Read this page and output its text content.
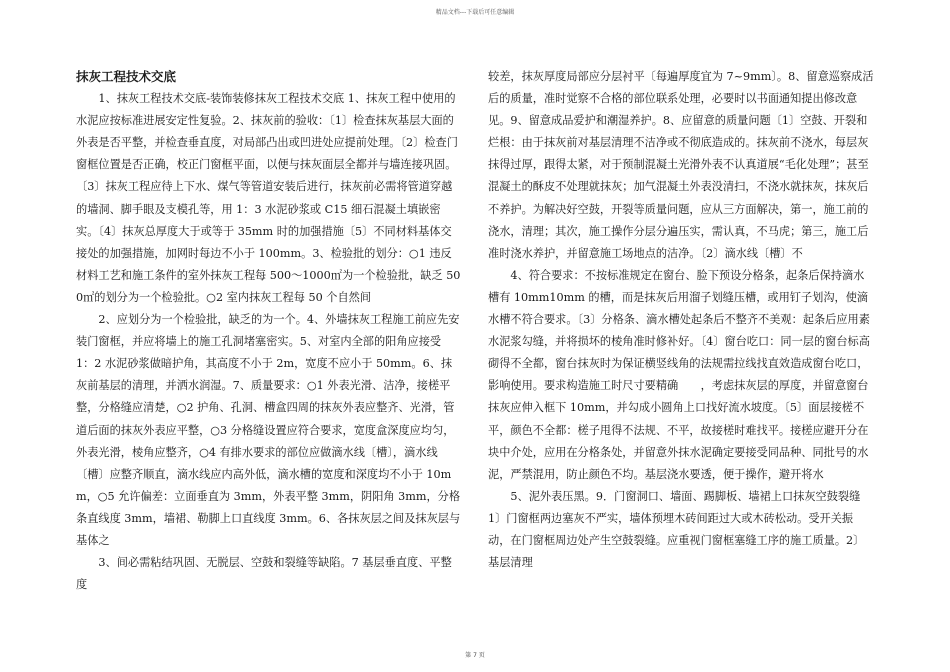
精品文档---下载后可任意编辑
抹灰工程技术交底

1、抹灰工程技术交底-装饰装修抹灰工程技术交底 1、抹灰工程中使用的水泥应按标准进展安定性复验。2、抹灰前的验收：〔1〕检查抹灰基层大面的外表是否平整，并检查垂直度，对局部凸出或凹进处应提前处理。〔2〕检查门窗框位置是否正确，校正门窗框平面，以便与抹灰面层全都并与墙连接巩固。

〔3〕抹灰工程应待上下水、煤气等管道安装后进行，抹灰前必需将管道穿越的墙洞、脚手眼及支模孔等，用 1：3 水泥砂浆或 C15 细石混凝土填嵌密实。〔4〕抹灰总厚度大于或等于 35mm 时的加强措施〔5〕不同材料基体交接处的加强措施，加网时每边不小于 100mm。3、检验批的划分：○1 违反材料工艺和施工条件的室外抹灰工程每 500～1000㎡为一个检验批，缺乏 500㎡的划分为一个检验批。○2 室内抹灰工程每 50 个自然间

2、应划分为一个检验批，缺乏的为一个。4、外墙抹灰工程施工前应先安装门窗框，并应将墙上的施工孔洞堵塞密实。5、对室内全部的阳角应接受 1：2 水泥砂浆做暗护角，其高度不小于 2m，宽度不应小于 50mm。6、抹灰前基层的清理，并洒水润湿。7、质量要求：○1 外表光滑、洁净，接槎平整，分格缝应清楚，○2 护角、孔洞、槽盒四周的抹灰外表应整齐、光滑，管道后面的抹灰外表应平整，○3 分格缝设置应符合要求，宽度盒深度应均匀，外表光滑，棱角应整齐，○4 有排水要求的部位应做滴水线〔槽〕，滴水线〔槽〕应整齐顺直，滴水线应内高外低，滴水槽的宽度和深度均不小于 10mm，○5 允许偏差：立面垂直为 3mm，外表平整 3mm，阴阳角 3mm，分格条直线度 3mm，墙裙、勒脚上口直线度 3mm。6、各抹灰层之间及抹灰层与基体之

3、间必需粘结巩固、无脱层、空鼓和裂缝等缺陷。7 基层垂直度、平整度

较差，抹灰厚度局部应分层衬平〔每遍厚度宜为 7~9mm〕。8、留意巡察成活后的质量，准时觉察不合格的部位联系处理，必要时以书面通知提出修改意见。9、留意成品爱护和潮湿养护。8、应留意的质量问题〔1〕空鼓、开裂和烂根：由于抹灰前对基层清理不洁净或不彻底造成的。抹灰前不浇水，每层灰抹得过厚，跟得太紧，对于预制混凝土光滑外表不认真道展“毛化处理”；甚至混凝土的酥皮不处理就抹灰；加气混凝土外表没清扫，不浇水就抹灰，抹灰后不养护。为解决好空鼓，开裂等质量问题，应从三方面解决，第一，施工前的浇水，清理；其次，施工操作分层分遍压实，需认真，不马虎；第三，施工后准时浇水养护，并留意施工场地点的洁净。〔2〕滴水线〔槽〕不

4、符合要求：不按标准规定在窗台、脸下预设分格条，起条后保持滴水槽有 10mm10mm 的槽，而是抹灰后用溜子划缝压槽，或用钉子划沟，使滴水槽不符合要求。〔3〕分格条、滴水槽处起条后不整齐不美观：起条后应用素水泥浆勾缝，并将损坏的棱角准时修补好。〔4〕窗台吃口：同一层的窗台标高砌得不全都，窗台抹灰时为保证横竖线角的法规需拉线找直效造成窗台吃口，影响使用。要求构造施工时尺寸要精确　　，考虑抹灰层的厚度，并留意窗台抹灰应伸入框下 10mm，并勾成小圆角上口找好流水坡度。〔5〕面层接槎不平，颜色不全都：槎子甩得不法规、不平，故接槎时难找平。接槎应避开分在块中介处，应用在分格条处，并留意外抹水泥确定要接受同品种、同批号的水泥，严禁混用，防止颜色不均。基层浇水要透，便于操作，避开将水

5、泥外表压黑。9．门窗洞口、墙面、踢脚板、墙裙上口抹灰空鼓裂缝 1〕门窗框两边塞灰不严实，墙体预埋木砖间距过大或木砖松动。受开关振动，在门窗框周边处产生空鼓裂缝。应重视门窗框塞缝工序的施工质量。2〕基层清理

第 7 页
